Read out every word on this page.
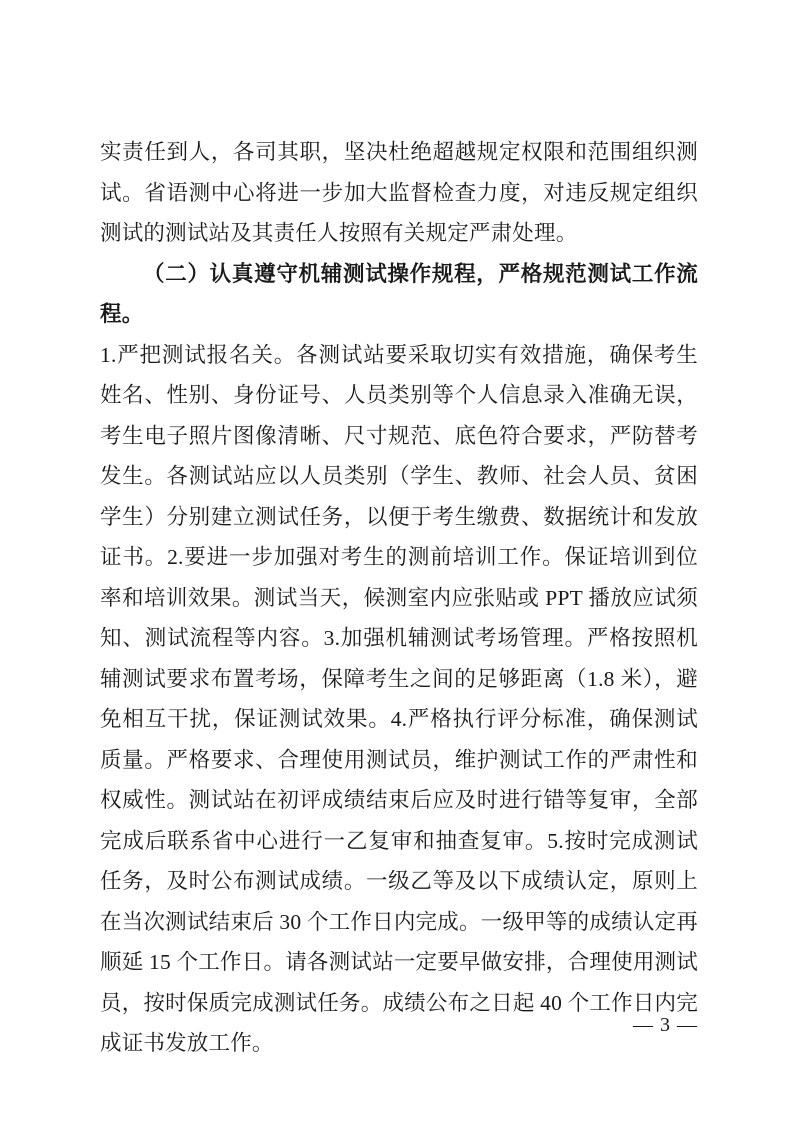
实责任到人，各司其职，坚决杜绝超越规定权限和范围组织测试。省语测中心将进一步加大监督检查力度，对违反规定组织测试的测试站及其责任人按照有关规定严肃处理。

（二）认真遵守机辅测试操作规程，严格规范测试工作流程。

1.严把测试报名关。各测试站要采取切实有效措施，确保考生姓名、性别、身份证号、人员类别等个人信息录入准确无误，考生电子照片图像清晰、尺寸规范、底色符合要求，严防替考发生。各测试站应以人员类别（学生、教师、社会人员、贫困学生）分别建立测试任务，以便于考生缴费、数据统计和发放证书。2.要进一步加强对考生的测前培训工作。保证培训到位率和培训效果。测试当天，候测室内应张贴或 PPT 播放应试须知、测试流程等内容。3.加强机辅测试考场管理。严格按照机辅测试要求布置考场，保障考生之间的足够距离（1.8 米），避免相互干扰，保证测试效果。4.严格执行评分标准，确保测试质量。严格要求、合理使用测试员，维护测试工作的严肃性和权威性。测试站在初评成绩结束后应及时进行错等复审，全部完成后联系省中心进行一乙复审和抽查复审。5.按时完成测试任务，及时公布测试成绩。一级乙等及以下成绩认定，原则上在当次测试结束后 30 个工作日内完成。一级甲等的成绩认定再顺延 15 个工作日。请各测试站一定要早做安排，合理使用测试员，按时保质完成测试任务。成绩公布之日起 40 个工作日内完成证书发放工作。

— 3 —
